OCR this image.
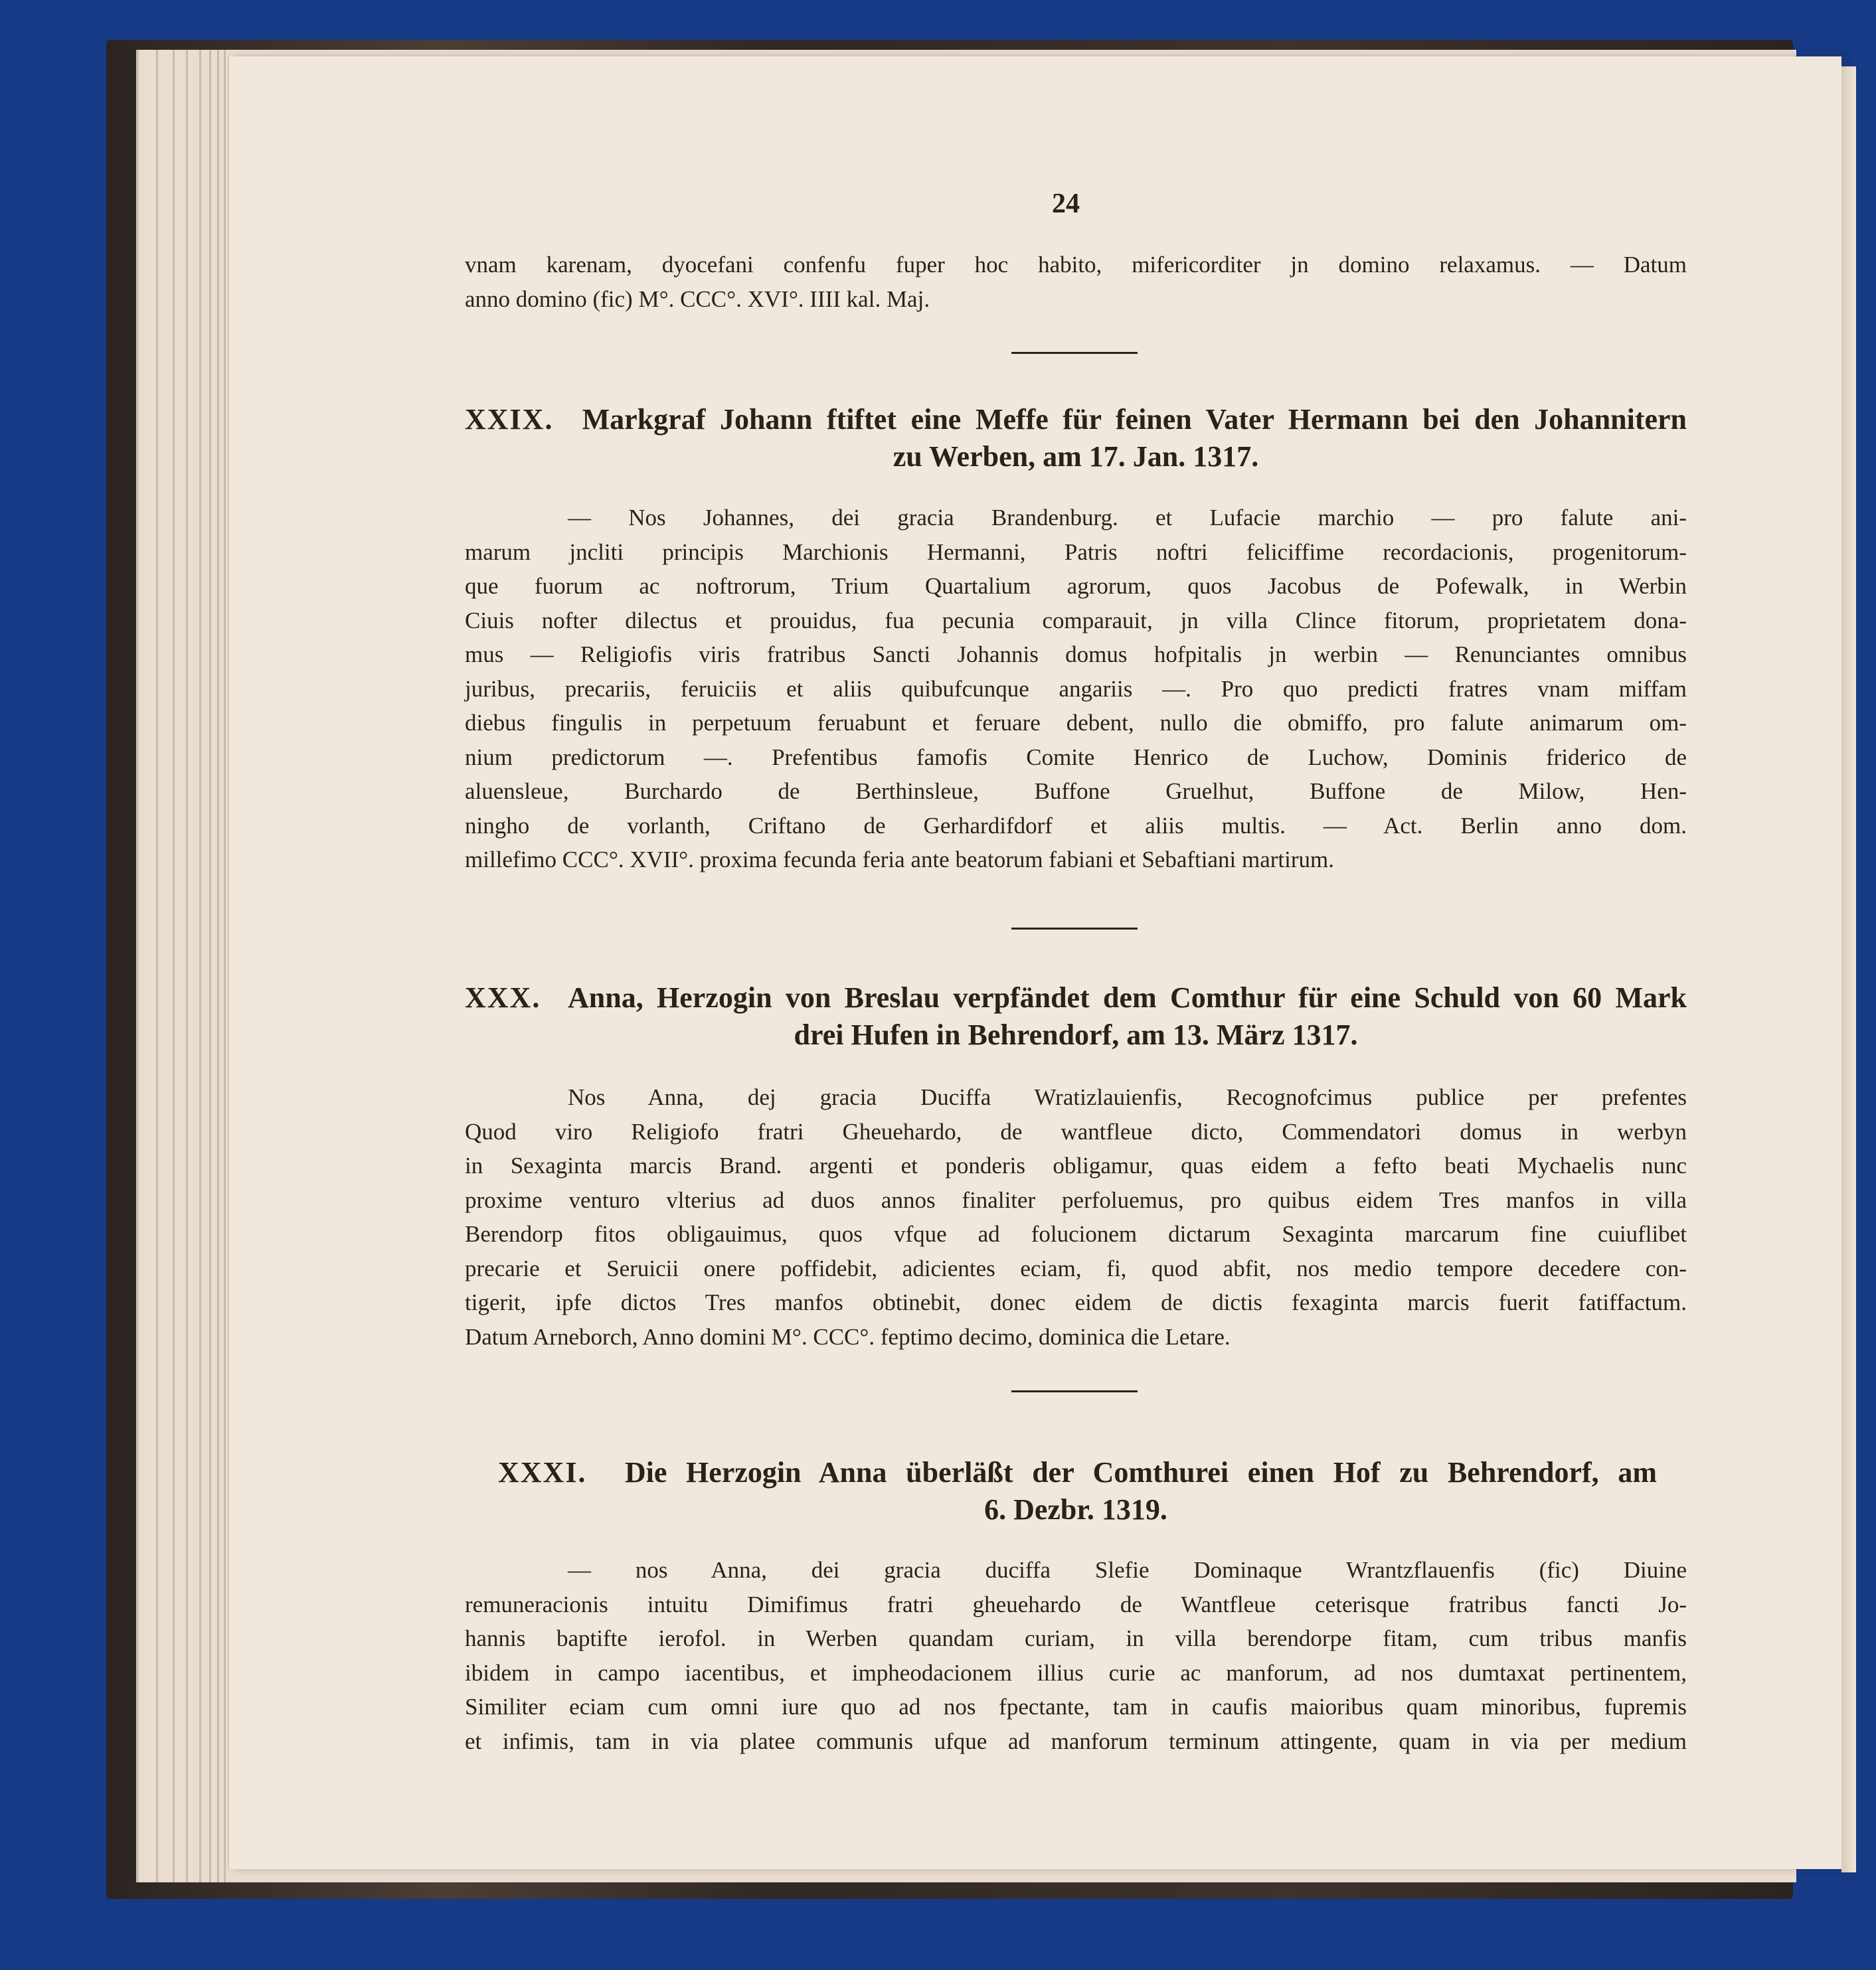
24
vnam karenam, dyocefani confenfu fuper hoc habito, mifericorditer jn domino relaxamus. — Datum
anno domino (fic) M°. CCC°. XVI°. IIII kal. Maj.
XXIX. Markgraf Johann ftiftet eine Meffe für feinen Vater Hermann bei den Johannitern
zu Werben, am 17. Jan. 1317.
— Nos Johannes, dei gracia Brandenburg. et Lufacie marchio — pro falute ani-
marum jncliti principis Marchionis Hermanni, Patris noftri feliciffime recordacionis, progenitorum-
que fuorum ac noftrorum, Trium Quartalium agrorum, quos Jacobus de Pofewalk, in Werbin
Ciuis nofter dilectus et prouidus, fua pecunia comparauit, jn villa Clince fitorum, proprietatem dona-
mus — Religiofis viris fratribus Sancti Johannis domus hofpitalis jn werbin — Renunciantes omnibus
juribus, precariis, feruiciis et aliis quibufcunque angariis —. Pro quo predicti fratres vnam miffam
diebus fingulis in perpetuum feruabunt et feruare debent, nullo die obmiffo, pro falute animarum om-
nium predictorum —. Prefentibus famofis Comite Henrico de Luchow, Dominis friderico de
aluensleue, Burchardo de Berthinsleue, Buffone Gruelhut, Buffone de Milow, Hen-
ningho de vorlanth, Criftano de Gerhardifdorf et aliis multis. — Act. Berlin anno dom.
millefimo CCC°. XVII°. proxima fecunda feria ante beatorum fabiani et Sebaftiani martirum.
XXX. Anna, Herzogin von Breslau verpfändet dem Comthur für eine Schuld von 60 Mark
drei Hufen in Behrendorf, am 13. März 1317.
Nos Anna, dej gracia Duciffa Wratizlauienfis, Recognofcimus publice per prefentes
Quod viro Religiofo fratri Gheuehardo, de wantfleue dicto, Commendatori domus in werbyn
in Sexaginta marcis Brand. argenti et ponderis obligamur, quas eidem a fefto beati Mychaelis nunc
proxime venturo vlterius ad duos annos finaliter perfoluemus, pro quibus eidem Tres manfos in villa
Berendorp fitos obligauimus, quos vfque ad folucionem dictarum Sexaginta marcarum fine cuiuflibet
precarie et Seruicii onere poffidebit, adicientes eciam, fi, quod abfit, nos medio tempore decedere con-
tigerit, ipfe dictos Tres manfos obtinebit, donec eidem de dictis fexaginta marcis fuerit fatiffactum.
Datum Arneborch, Anno domini M°. CCC°. feptimo decimo, dominica die Letare.
XXXI. Die Herzogin Anna überläßt der Comthurei einen Hof zu Behrendorf, am
6. Dezbr. 1319.
— nos Anna, dei gracia duciffa Slefie Dominaque Wrantzflauenfis (fic) Diuine
remuneracionis intuitu Dimifimus fratri gheuehardo de Wantfleue ceterisque fratribus fancti Jo-
hannis baptifte ierofol. in Werben quandam curiam, in villa berendorpe fitam, cum tribus manfis
ibidem in campo iacentibus, et impheodacionem illius curie ac manforum, ad nos dumtaxat pertinentem,
Similiter eciam cum omni iure quo ad nos fpectante, tam in caufis maioribus quam minoribus, fupremis
et infimis, tam in via platee communis ufque ad manforum terminum attingente, quam in via per medium
